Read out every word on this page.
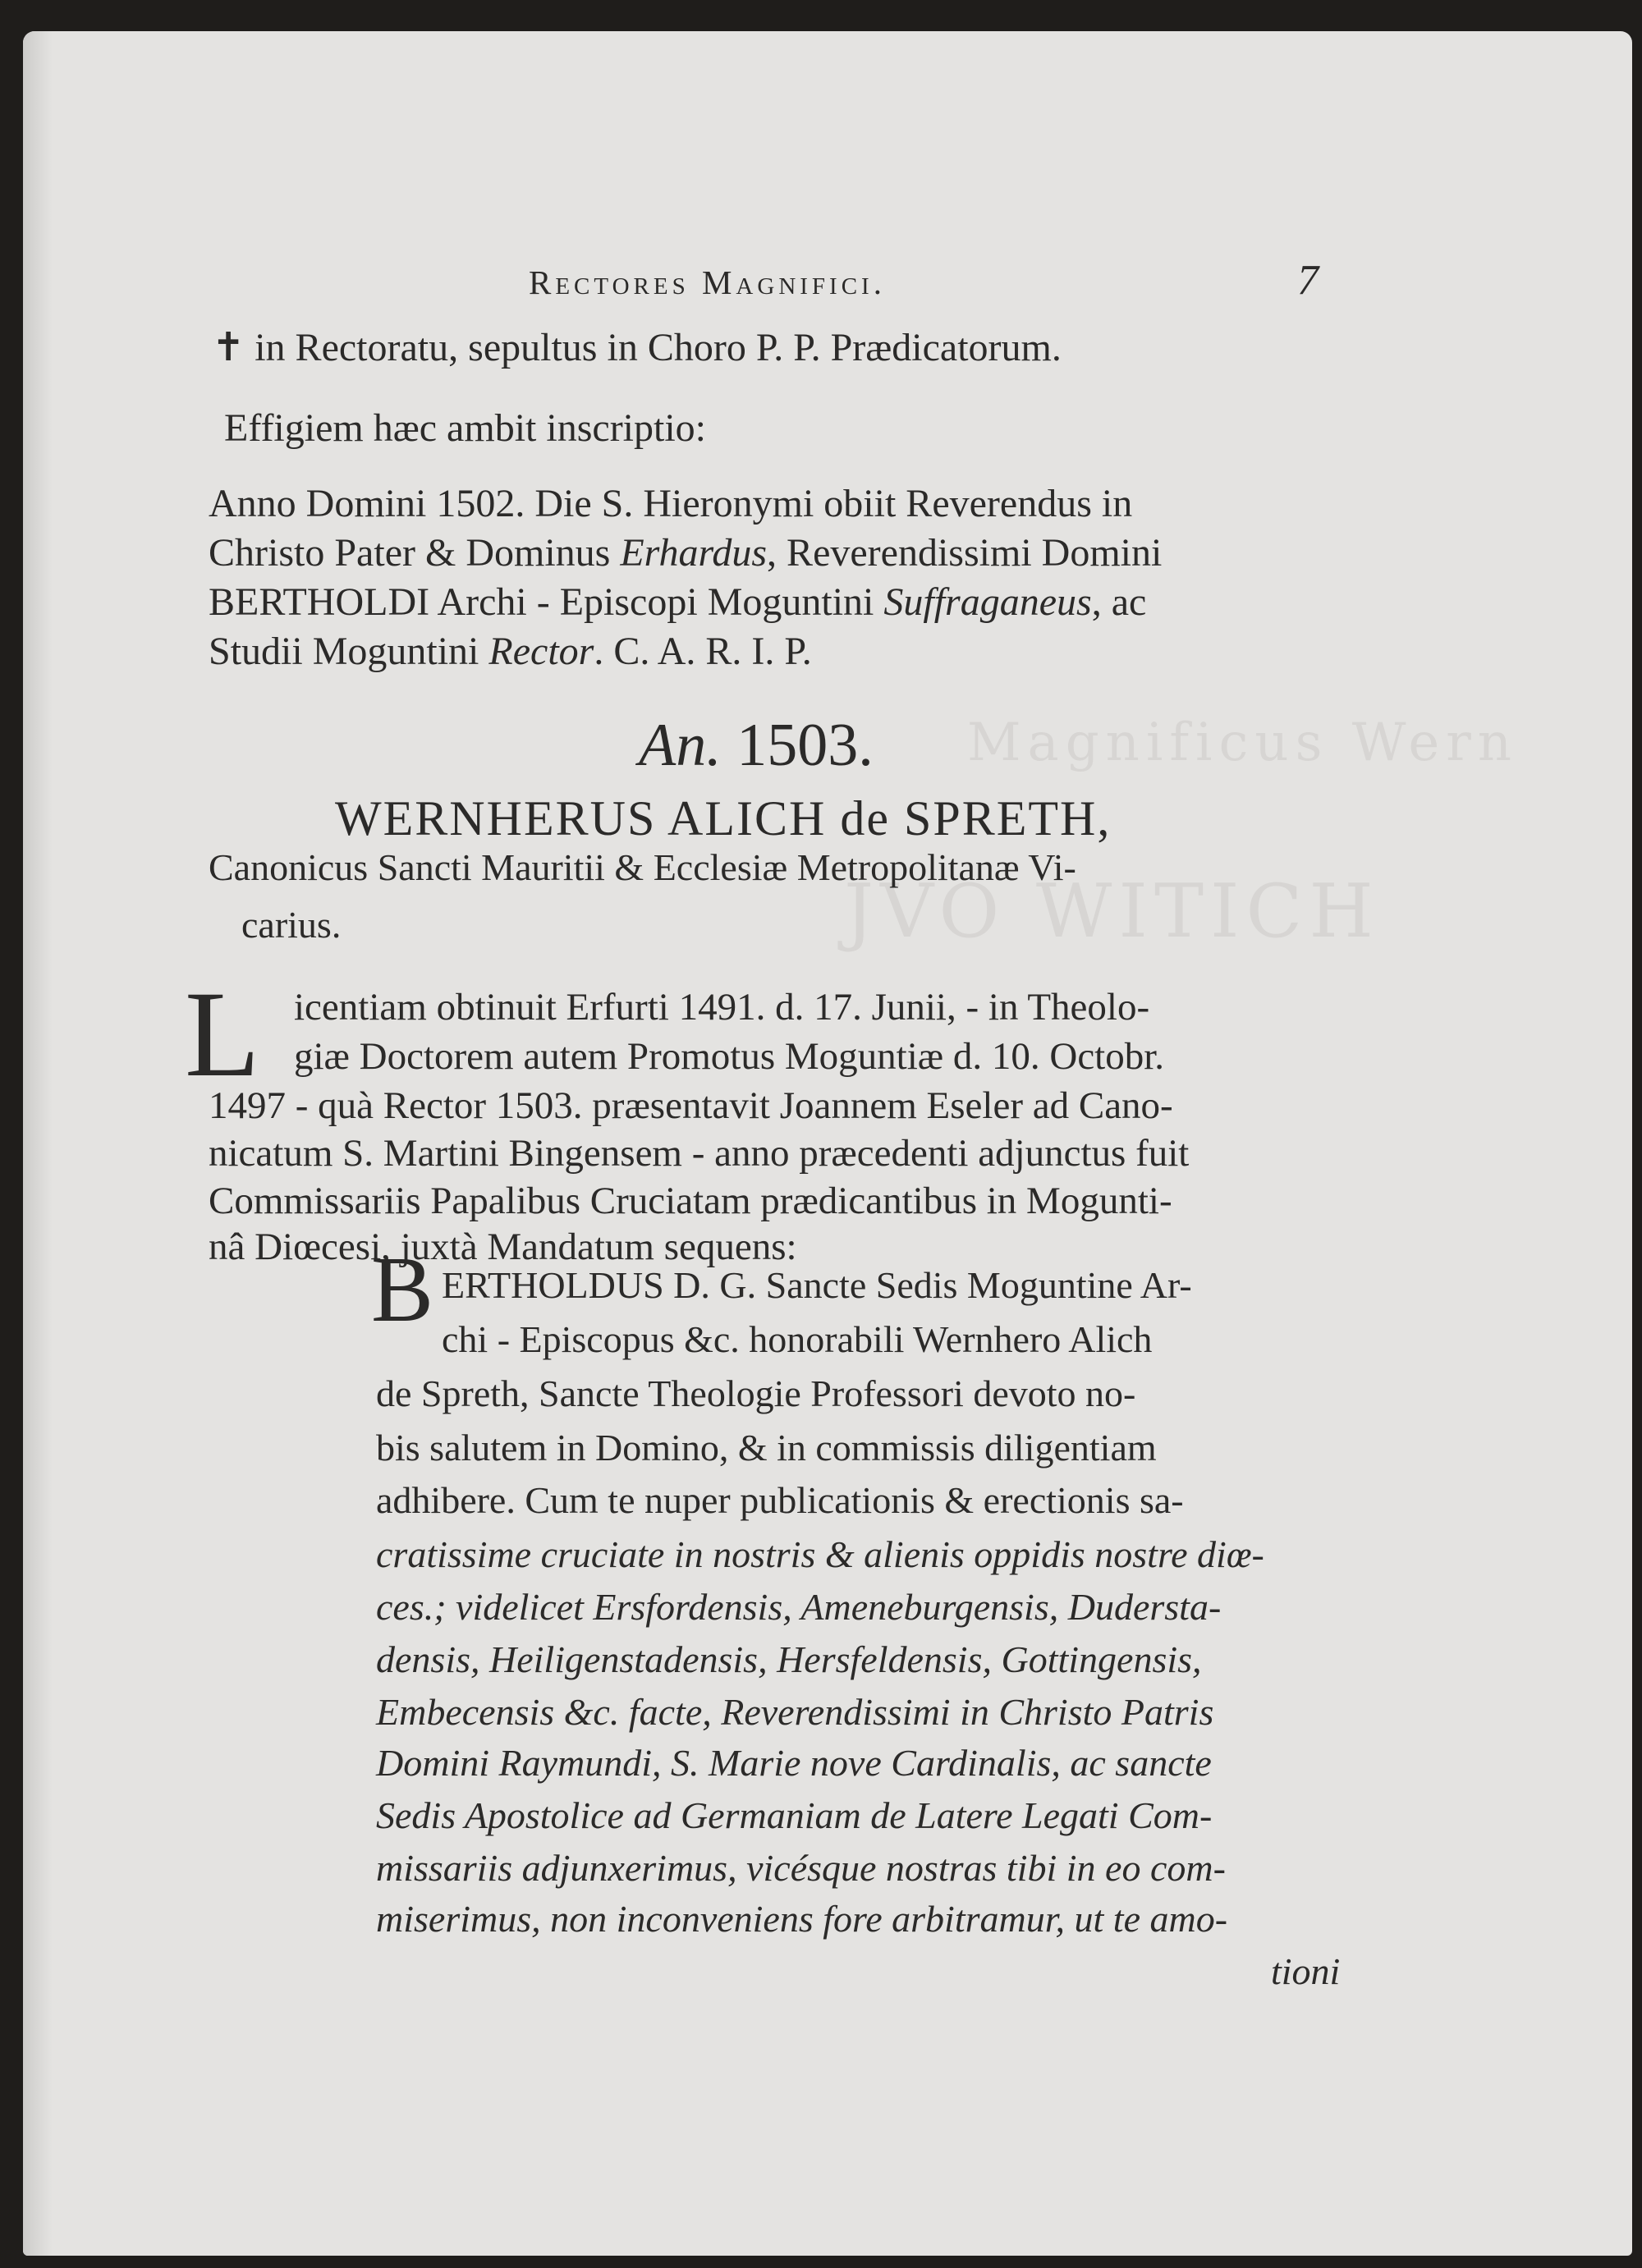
Magnificus Wern
JVO WITICH
Rectores Magnifici.	7
✝ in Rectoratu, sepultus in Choro P. P. Prædicatorum.
Effigiem hæc ambit inscriptio:
Anno Domini 1502. Die S. Hieronymi obiit Reverendus in
Christo Pater & Dominus Erhardus, Reverendissimi Domini
BERTHOLDI Archi - Episcopi Moguntini Suffraganeus, ac
Studii Moguntini Rector. C. A. R. I. P.
An. 1503.
WERNHERUS ALICH de SPRETH,
Canonicus Sancti Mauritii & Ecclesiæ Metropolitanæ Vi-
carius.
L icentiam obtinuit Erfurti 1491. d. 17. Junii, - in Theolo-
giæ Doctorem autem Promotus Moguntiæ d. 10. Octobr.
1497 - quà Rector 1503. præsentavit Joannem Eseler ad Cano-
nicatum S. Martini Bingensem - anno præcedenti adjunctus fuit
Commissariis Papalibus Cruciatam prædicantibus in Mogunti-
nâ Diœcesi, juxtà Mandatum sequens:
B ERTHOLDUS D. G. Sancte Sedis Moguntine Ar-
chi - Episcopus &c. honorabili Wernhero Alich
de Spreth, Sancte Theologie Professori devoto no-
bis salutem in Domino, & in commissis diligentiam
adhibere. Cum te nuper publicationis & erectionis sa-
cratissime cruciate in nostris & alienis oppidis nostre diœ-
ces.; videlicet Ersfordensis, Ameneburgensis, Duderstа-
densis, Heiligenstadensis, Hersfeldensis, Gottingensis,
Embecensis &c. facte, Reverendissimi in Christo Patris
Domini Raymundi, S. Marie nove Cardinalis, ac sancte
Sedis Apostolice ad Germaniam de Latere Legati Com-
missariis adjunxerimus, vicésque nostras tibi in eo com-
miserimus, non inconveniens fore arbitramur, ut te amo-
tioni
